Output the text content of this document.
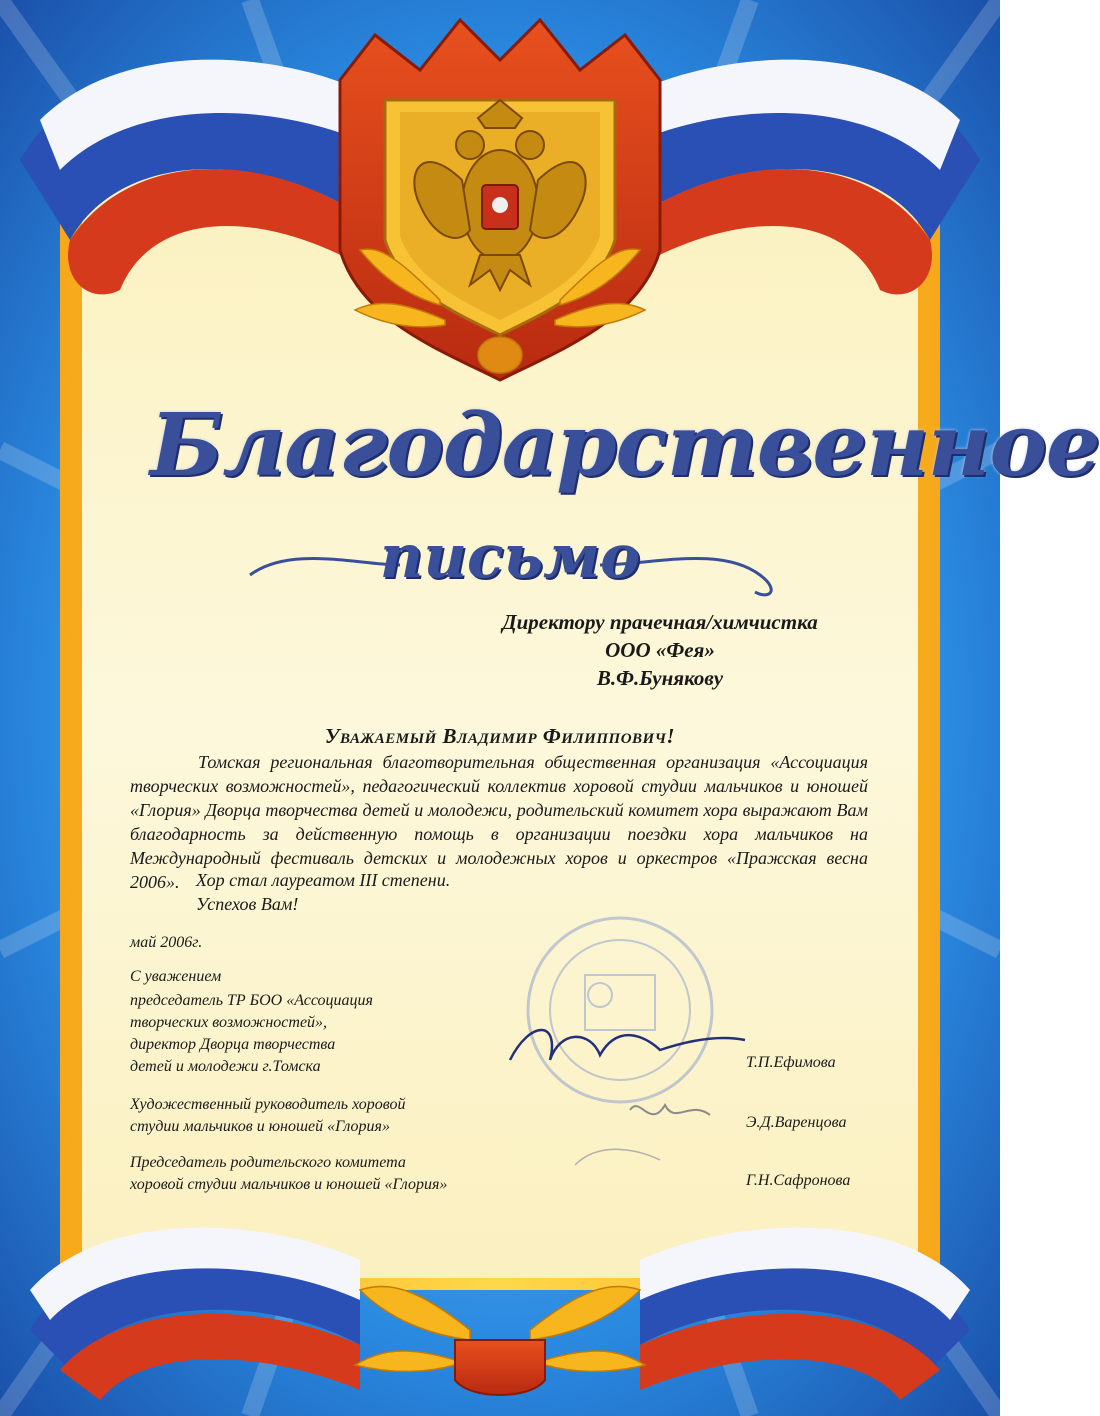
Благодарственное
письмо
Директору прачечная/химчистка
ООО «Фея»
В.Ф.Бунякову
Уважаемый Владимир Филиппович!
Томская региональная благотворительная общественная организация «Ассоциация творческих возможностей», педагогический коллектив хоровой студии мальчиков и юношей «Глория» Дворца творчества детей и молодежи, родительский комитет хора выражают Вам благодарность за действенную помощь в организации поездки хора мальчиков на Международный фестиваль детских и молодежных хоров и оркестров «Пражская весна 2006». Хор стал лауреатом III степени.
Успехов Вам!
май 2006г.
С уважением
председатель ТР БОО «Ассоциация
творческих возможностей»,
директор Дворца творчества
детей и молодежи г.Томска	Т.П.Ефимова
Художественный руководитель хоровой
студии мальчиков и юношей «Глория»	Э.Д.Варенцова
Председатель родительского комитета
хоровой студии мальчиков и юношей «Глория»	Г.Н.Сафронова
